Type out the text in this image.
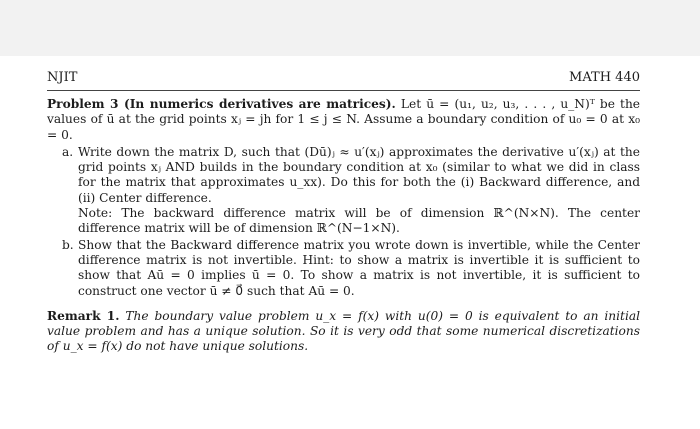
NJIT	MATH 440

Problem 3 (In numerics derivatives are matrices). Let ū = (u₁, u₂, u₃, . . . , u_N)ᵀ be the values of ū at the grid points xⱼ = jh for 1 ≤ j ≤ N. Assume a boundary condition of u₀ = 0 at x₀ = 0.

a. Write down the matrix D, such that (Dū)ⱼ ≈ u′(xⱼ) approximates the derivative u′(xⱼ) at the grid points xⱼ AND builds in the boundary condition at x₀ (similar to what we did in class for the matrix that approximates u_xx). Do this for both the (i) Backward difference, and (ii) Center difference.
Note: The backward difference matrix will be of dimension ℝ^(N×N). The center difference matrix will be of dimension ℝ^(N−1×N).
b. Show that the Backward difference matrix you wrote down is invertible, while the Center difference matrix is not invertible. Hint: to show a matrix is invertible it is sufficient to show that Aū = 0 implies ū = 0. To show a matrix is not invertible, it is sufficient to construct one vector ū ≠ 0⃗ such that Aū = 0.

Remark 1. The boundary value problem u_x = f(x) with u(0) = 0 is equivalent to an initial value problem and has a unique solution. So it is very odd that some numerical discretizations of u_x = f(x) do not have unique solutions.
